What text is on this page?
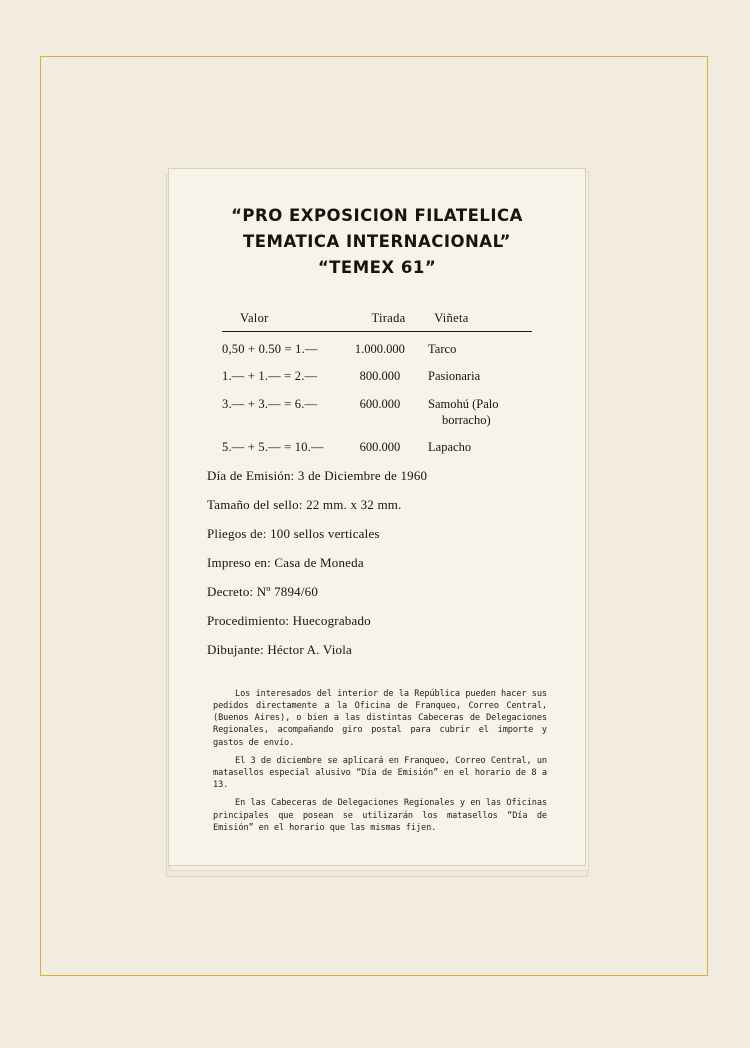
“PRO EXPOSICION FILATELICA
TEMATICA INTERNACIONAL”
“TEMEX 61”
Valor	Tirada	Viñeta
0,50 + 0.50 = 1.—	1.000.000	Tarco
1.— + 1.— = 2.—	800.000	Pasionaria
3.— + 3.— = 6.—	600.000	Samohú (Palo
borracho)
5.— + 5.— = 10.—	600.000	Lapacho
Día de Emisión: 3 de Diciembre de 1960
Tamaño del sello: 22 mm. x 32 mm.
Pliegos de: 100 sellos verticales
Impreso en: Casa de Moneda
Decreto: Nº 7894/60
Procedimiento: Huecograbado
Dibujante: Héctor A. Viola

Los interesados del interior de la República pueden hacer sus pedidos directamente a la Oficina de Franqueo, Correo Central, (Buenos Aires), o bien a las distintas Cabeceras de Delegaciones Regionales, acompañando giro postal para cubrir el importe y gastos de envío.

El 3 de diciembre se aplicará en Franqueo, Correo Central, un matasellos especial alusivo “Día de Emisión” en el horario de 8 a 13.

En las Cabeceras de Delegaciones Regionales y en las Oficinas principales que posean se utilizarán los matasellos “Día de Emisión” en el horario que las mismas fijen.
